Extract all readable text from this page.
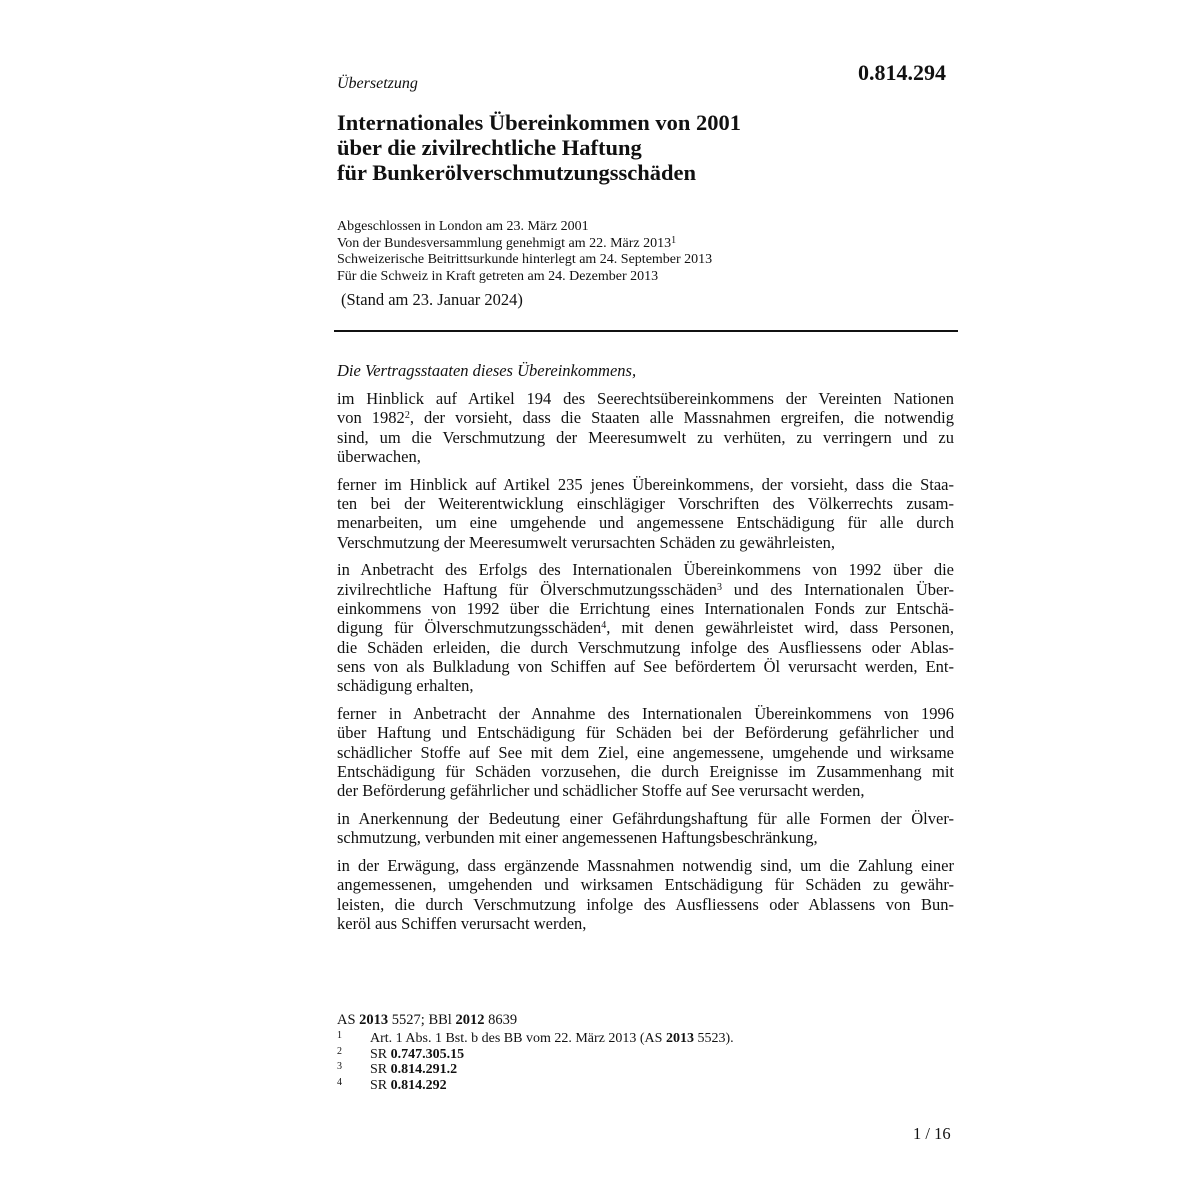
0.814.294
Übersetzung
Internationales Übereinkommen von 2001
über die zivilrechtliche Haftung
für Bunkerölverschmutzungsschäden
Abgeschlossen in London am 23. März 2001
Von der Bundesversammlung genehmigt am 22. März 2013$^1$
Schweizerische Beitrittsurkunde hinterlegt am 24. September 2013
Für die Schweiz in Kraft getreten am 24. Dezember 2013
(Stand am 23. Januar 2024)
Die Vertragsstaaten dieses Übereinkommens,
im Hinblick auf Artikel 194 des Seerechtsübereinkommens der Vereinten Nationen
von 1982$^2$, der vorsieht, dass die Staaten alle Massnahmen ergreifen, die notwendig
sind, um die Verschmutzung der Meeresumwelt zu verhüten, zu verringern und zu
überwachen,
ferner im Hinblick auf Artikel 235 jenes Übereinkommens, der vorsieht, dass die Staa-
ten bei der Weiterentwicklung einschlägiger Vorschriften des Völkerrechts zusam-
menarbeiten, um eine umgehende und angemessene Entschädigung für alle durch
Verschmutzung der Meeresumwelt verursachten Schäden zu gewährleisten,
in Anbetracht des Erfolgs des Internationalen Übereinkommens von 1992 über die
zivilrechtliche Haftung für Ölverschmutzungsschäden$^3$ und des Internationalen Über-
einkommens von 1992 über die Errichtung eines Internationalen Fonds zur Entschä-
digung für Ölverschmutzungsschäden$^4$, mit denen gewährleistet wird, dass Personen,
die Schäden erleiden, die durch Verschmutzung infolge des Ausfliessens oder Ablas-
sens von als Bulkladung von Schiffen auf See befördertem Öl verursacht werden, Ent-
schädigung erhalten,
ferner in Anbetracht der Annahme des Internationalen Übereinkommens von 1996
über Haftung und Entschädigung für Schäden bei der Beförderung gefährlicher und
schädlicher Stoffe auf See mit dem Ziel, eine angemessene, umgehende und wirksame
Entschädigung für Schäden vorzusehen, die durch Ereignisse im Zusammenhang mit
der Beförderung gefährlicher und schädlicher Stoffe auf See verursacht werden,
in Anerkennung der Bedeutung einer Gefährdungshaftung für alle Formen der Ölver-
schmutzung, verbunden mit einer angemessenen Haftungsbeschränkung,
in der Erwägung, dass ergänzende Massnahmen notwendig sind, um die Zahlung einer
angemessenen, umgehenden und wirksamen Entschädigung für Schäden zu gewähr-
leisten, die durch Verschmutzung infolge des Ausfliessens oder Ablassens von Bun-
keröl aus Schiffen verursacht werden,
AS 2013 5527; BBl 2012 8639
1 Art. 1 Abs. 1 Bst. b des BB vom 22. März 2013 (AS 2013 5523).
2 SR 0.747.305.15
3 SR 0.814.291.2
4 SR 0.814.292
1 / 16
